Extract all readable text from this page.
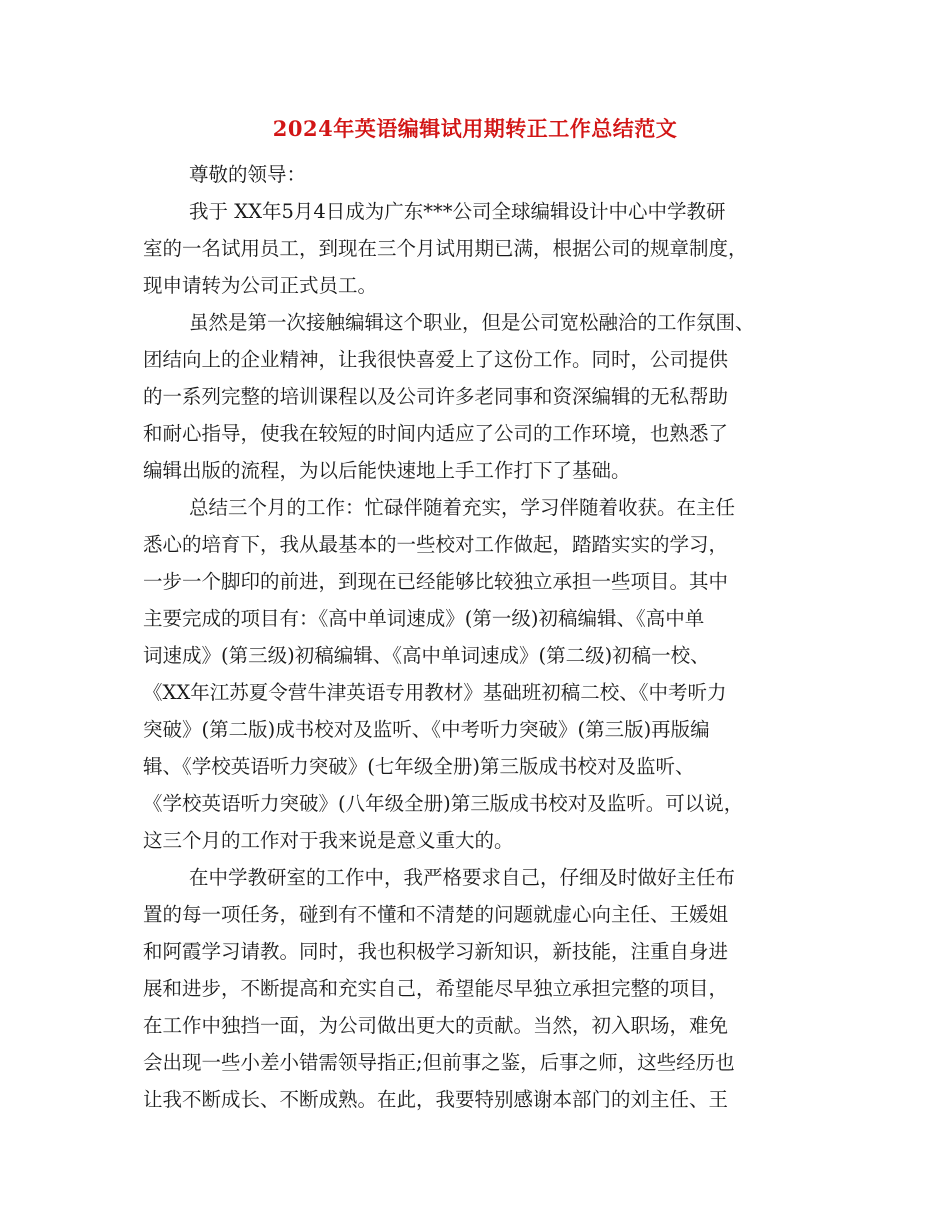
2024年英语编辑试用期转正工作总结范文
尊敬的领导：
我于 XX年5月4日成为广东***公司全球编辑设计中心中学教研
室的一名试用员工，到现在三个月试用期已满，根据公司的规章制度，
现申请转为公司正式员工。
虽然是第一次接触编辑这个职业，但是公司宽松融洽的工作氛围、
团结向上的企业精神，让我很快喜爱上了这份工作。同时，公司提供
的一系列完整的培训课程以及公司许多老同事和资深编辑的无私帮助
和耐心指导，使我在较短的时间内适应了公司的工作环境，也熟悉了
编辑出版的流程，为以后能快速地上手工作打下了基础。
总结三个月的工作：忙碌伴随着充实，学习伴随着收获。在主任
悉心的培育下，我从最基本的一些校对工作做起，踏踏实实的学习，
一步一个脚印的前进，到现在已经能够比较独立承担一些项目。其中
主要完成的项目有：《高中单词速成》(第一级)初稿编辑、《高中单
词速成》(第三级)初稿编辑、《高中单词速成》(第二级)初稿一校、
《XX年江苏夏令营牛津英语专用教材》基础班初稿二校、《中考听力
突破》(第二版)成书校对及监听、《中考听力突破》(第三版)再版编
辑、《学校英语听力突破》(七年级全册)第三版成书校对及监听、
《学校英语听力突破》(八年级全册)第三版成书校对及监听。可以说，
这三个月的工作对于我来说是意义重大的。
在中学教研室的工作中，我严格要求自己，仔细及时做好主任布
置的每一项任务，碰到有不懂和不清楚的问题就虚心向主任、王媛姐
和阿霞学习请教。同时，我也积极学习新知识，新技能，注重自身进
展和进步，不断提高和充实自己，希望能尽早独立承担完整的项目，
在工作中独挡一面，为公司做出更大的贡献。当然，初入职场，难免
会出现一些小差小错需领导指正;但前事之鉴，后事之师，这些经历也
让我不断成长、不断成熟。在此，我要特别感谢本部门的刘主任、王
